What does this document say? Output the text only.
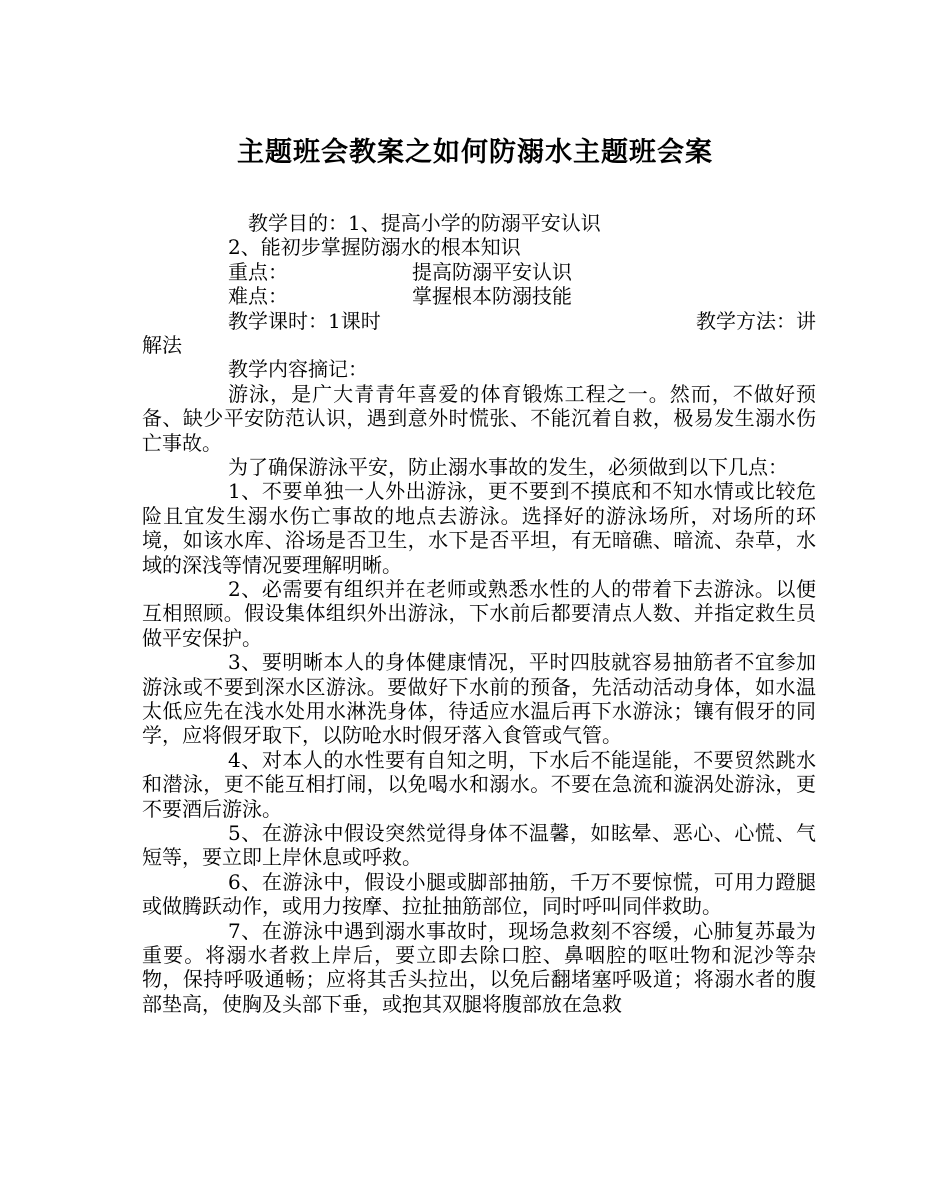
主题班会教案之如何防溺水主题班会案
教学目的：1、提高小学的防溺平安认识
2、能初步掌握防溺水的根本知识
重点：	提高防溺平安认识
难点：	掌握根本防溺技能
教学课时：1课时	教学方法：讲
解法
教学内容摘记：
游泳，是广大青青年喜爱的体育锻炼工程之一。然而，不做好预备、缺少平安防范认识，遇到意外时慌张、不能沉着自救，极易发生溺水伤亡事故。
为了确保游泳平安，防止溺水事故的发生，必须做到以下几点：
1、不要单独一人外出游泳，更不要到不摸底和不知水情或比较危险且宜发生溺水伤亡事故的地点去游泳。选择好的游泳场所，对场所的环境，如该水库、浴场是否卫生，水下是否平坦，有无暗礁、暗流、杂草，水域的深浅等情况要理解明晰。
2、必需要有组织并在老师或熟悉水性的人的带着下去游泳。以便互相照顾。假设集体组织外出游泳，下水前后都要清点人数、并指定救生员做平安保护。
3、要明晰本人的身体健康情况，平时四肢就容易抽筋者不宜参加游泳或不要到深水区游泳。要做好下水前的预备，先活动活动身体，如水温太低应先在浅水处用水淋洗身体，待适应水温后再下水游泳；镶有假牙的同学，应将假牙取下，以防呛水时假牙落入食管或气管。
4、对本人的水性要有自知之明，下水后不能逞能，不要贸然跳水和潜泳，更不能互相打闹，以免喝水和溺水。不要在急流和漩涡处游泳，更不要酒后游泳。
5、在游泳中假设突然觉得身体不温馨，如眩晕、恶心、心慌、气短等，要立即上岸休息或呼救。
6、在游泳中，假设小腿或脚部抽筋，千万不要惊慌，可用力蹬腿或做腾跃动作，或用力按摩、拉扯抽筋部位，同时呼叫同伴救助。
7、在游泳中遇到溺水事故时，现场急救刻不容缓，心肺复苏最为重要。将溺水者救上岸后，要立即去除口腔、鼻咽腔的呕吐物和泥沙等杂物，保持呼吸通畅；应将其舌头拉出，以免后翻堵塞呼吸道；将溺水者的腹部垫高，使胸及头部下垂，或抱其双腿将腹部放在急救
